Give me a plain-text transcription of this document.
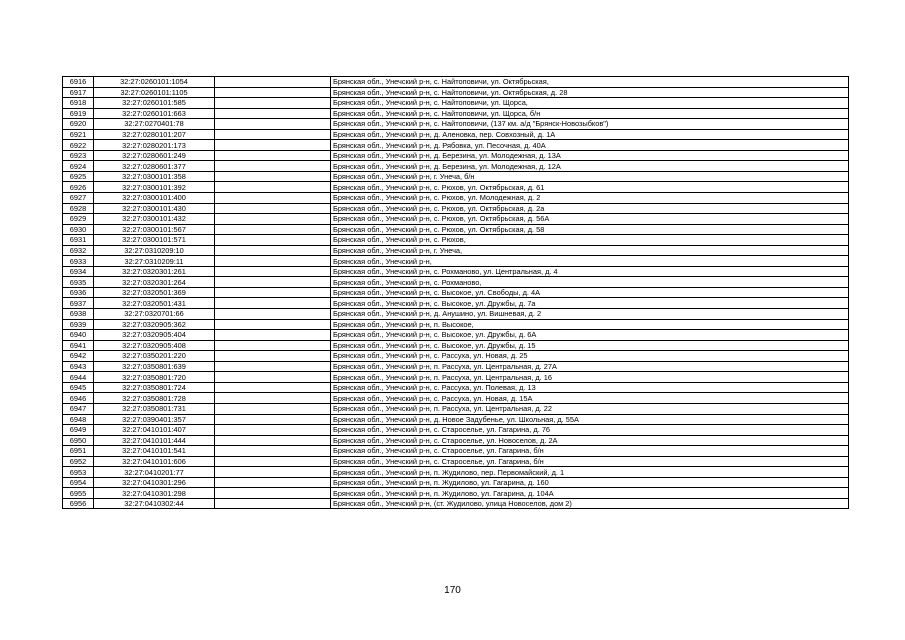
6916	32:27:0260101:1054		Брянская обл., Унечский р-н, с. Найтоповичи, ул. Октябрьская,
6917	32:27:0260101:1105		Брянская обл., Унечский р-н, с. Найтоповичи, ул. Октябрьская, д. 28
6918	32:27:0260101:585		Брянская обл., Унечский р-н, с. Найтоповичи, ул. Щорса,
6919	32:27:0260101:663		Брянская обл., Унечский р-н, с. Найтоповичи, ул. Щорса, б/н
6920	32:27:0270401:78		Брянская обл., Унечский р-н, с. Найтоповичи, (137 км. а/д "Брянск-Новозыбков")
6921	32:27:0280101:207		Брянская обл., Унечский р-н, д. Аленовка, пер. Совхозный, д. 1А
6922	32:27:0280201:173		Брянская обл., Унечский р-н, д. Рябовка, ул. Песочная, д. 40А
6923	32:27:0280601:249		Брянская обл., Унечский р-н, д. Березина, ул. Молодежная, д. 13А
6924	32:27:0280601:377		Брянская обл., Унечский р-н, д. Березина, ул. Молодежная, д. 12А
6925	32:27:0300101:358		Брянская обл., Унечский р-н, г. Унеча, б/н
6926	32:27:0300101:392		Брянская обл., Унечский р-н, с. Рюхов, ул. Октябрьская, д. 61
6927	32:27:0300101:400		Брянская обл., Унечский р-н, с. Рюхов, ул. Молодежная, д. 2
6928	32:27:0300101:430		Брянская обл., Унечский р-н, с. Рюхов, ул. Октябрьская, д. 2а
6929	32:27:0300101:432		Брянская обл., Унечский р-н, с. Рюхов, ул. Октябрьская, д. 56А
6930	32:27:0300101:567		Брянская обл., Унечский р-н, с. Рюхов, ул. Октябрьская, д. 58
6931	32:27:0300101:571		Брянская обл., Унечский р-н, с. Рюхов,
6932	32:27:0310209:10		Брянская обл., Унечский р-н, г. Унеча,
6933	32:27:0310209:11		Брянская обл., Унечский р-н,
6934	32:27:0320301:261		Брянская обл., Унечский р-н, с. Рохманово, ул. Центральная, д. 4
6935	32:27:0320301:264		Брянская обл., Унечский р-н, с. Рохманово,
6936	32:27:0320501:369		Брянская обл., Унечский р-н, с. Высокое, ул. Свободы, д. 4А
6937	32:27:0320501:431		Брянская обл., Унечский р-н, с. Высокое, ул. Дружбы, д. 7а
6938	32:27:0320701:66		Брянская обл., Унечский р-н, д. Анушино, ул. Вишневая, д. 2
6939	32:27:0320905:362		Брянская обл., Унечский р-н, п. Высокое,
6940	32:27:0320905:404		Брянская обл., Унечский р-н, с. Высокое, ул. Дружбы, д. 6А
6941	32:27:0320905:408		Брянская обл., Унечский р-н, с. Высокое, ул. Дружбы, д. 15
6942	32:27:0350201:220		Брянская обл., Унечский р-н, с. Рассуха, ул. Новая, д. 25
6943	32:27:0350801:639		Брянская обл., Унечский р-н, п. Рассуха, ул. Центральная, д. 27А
6944	32:27:0350801:720		Брянская обл., Унечский р-н, п. Рассуха, ул. Центральная, д. 16
6945	32:27:0350801:724		Брянская обл., Унечский р-н, с. Рассуха, ул. Полевая, д. 13
6946	32:27:0350801:728		Брянская обл., Унечский р-н, с. Рассуха, ул. Новая, д. 15А
6947	32:27:0350801:731		Брянская обл., Унечский р-н, п. Рассуха, ул. Центральная, д. 22
6948	32:27:0390401:357		Брянская обл., Унечский р-н, д. Новое Задубенье, ул. Школьная, д. 55А
6949	32:27:0410101:407		Брянская обл., Унечский р-н, с. Староселье, ул. Гагарина, д. 76
6950	32:27:0410101:444		Брянская обл., Унечский р-н, с. Староселье, ул. Новоселов, д. 2А
6951	32:27:0410101:541		Брянская обл., Унечский р-н, с. Староселье, ул. Гагарина, б/н
6952	32:27:0410101:606		Брянская обл., Унечский р-н, с. Староселье, ул. Гагарина, б/н
6953	32:27:0410201:77		Брянская обл., Унечский р-н, п. Жудилово, пер. Первомайский, д. 1
6954	32:27:0410301:296		Брянская обл., Унечский р-н, п. Жудилово, ул. Гагарина, д. 160
6955	32:27:0410301:298		Брянская обл., Унечский р-н, п. Жудилово, ул. Гагарина, д. 104А
6956	32:27:0410302:44		Брянская обл., Унечский р-н, (ст. Жудилово, улица Новоселов, дом 2)
170
